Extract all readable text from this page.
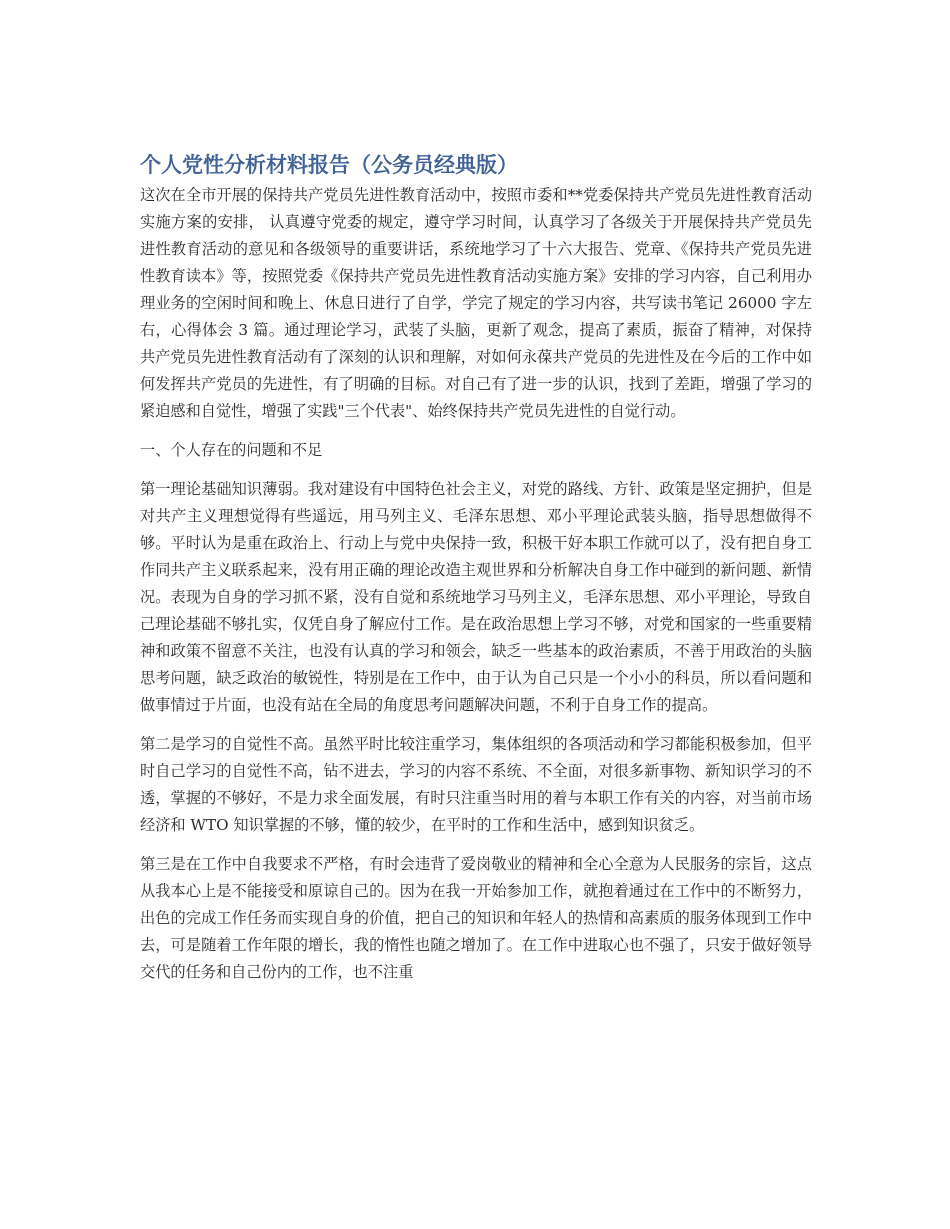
个人党性分析材料报告（公务员经典版）

这次在全市开展的保持共产党员先进性教育活动中，按照市委和**党委保持共产党员先进性教育活动实施方案的安排， 认真遵守党委的规定，遵守学习时间，认真学习了各级关于开展保持共产党员先进性教育活动的意见和各级领导的重要讲话，系统地学习了十六大报告、党章、《保持共产党员先进性教育读本》等，按照党委《保持共产党员先进性教育活动实施方案》安排的学习内容，自己利用办理业务的空闲时间和晚上、休息日进行了自学，学完了规定的学习内容，共写读书笔记 26000 字左右，心得体会 3 篇。通过理论学习，武装了头脑，更新了观念，提高了素质，振奋了精神，对保持共产党员先进性教育活动有了深刻的认识和理解，对如何永葆共产党员的先进性及在今后的工作中如何发挥共产党员的先进性，有了明确的目标。对自己有了进一步的认识，找到了差距，增强了学习的紧迫感和自觉性，增强了实践"三个代表"、始终保持共产党员先进性的自觉行动。

一、个人存在的问题和不足

第一理论基础知识薄弱。我对建设有中国特色社会主义，对党的路线、方针、政策是坚定拥护，但是对共产主义理想觉得有些遥远，用马列主义、毛泽东思想、邓小平理论武装头脑，指导思想做得不够。平时认为是重在政治上、行动上与党中央保持一致，积极干好本职工作就可以了，没有把自身工作同共产主义联系起来，没有用正确的理论改造主观世界和分析解决自身工作中碰到的新问题、新情况。表现为自身的学习抓不紧，没有自觉和系统地学习马列主义，毛泽东思想、邓小平理论，导致自己理论基础不够扎实，仅凭自身了解应付工作。是在政治思想上学习不够，对党和国家的一些重要精神和政策不留意不关注，也没有认真的学习和领会，缺乏一些基本的政治素质，不善于用政治的头脑思考问题，缺乏政治的敏锐性，特别是在工作中，由于认为自己只是一个小小的科员，所以看问题和做事情过于片面，也没有站在全局的角度思考问题解决问题，不利于自身工作的提高。

第二是学习的自觉性不高。虽然平时比较注重学习，集体组织的各项活动和学习都能积极参加，但平时自己学习的自觉性不高，钻不进去，学习的内容不系统、不全面，对很多新事物、新知识学习的不透，掌握的不够好，不是力求全面发展，有时只注重当时用的着与本职工作有关的内容，对当前市场经济和 WTO 知识掌握的不够，懂的较少，在平时的工作和生活中，感到知识贫乏。

第三是在工作中自我要求不严格，有时会违背了爱岗敬业的精神和全心全意为人民服务的宗旨，这点从我本心上是不能接受和原谅自己的。因为在我一开始参加工作，就抱着通过在工作中的不断努力，出色的完成工作任务而实现自身的价值，把自己的知识和年轻人的热情和高素质的服务体现到工作中去，可是随着工作年限的增长，我的惰性也随之增加了。在工作中进取心也不强了，只安于做好领导交代的任务和自己份内的工作，也不注重
